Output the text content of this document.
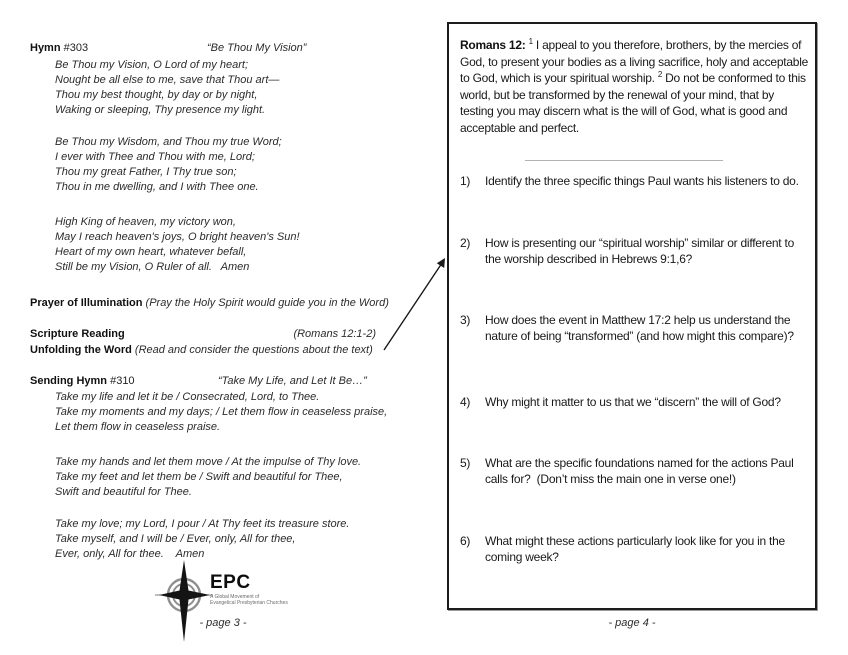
Hymn #303	“Be Thou My Vision”
Be Thou my Vision, O Lord of my heart;
Nought be all else to me, save that Thou art—
Thou my best thought, by day or by night,
Waking or sleeping, Thy presence my light.
Be Thou my Wisdom, and Thou my true Word;
I ever with Thee and Thou with me, Lord;
Thou my great Father, I Thy true son;
Thou in me dwelling, and I with Thee one.
High King of heaven, my victory won,
May I reach heaven's joys, O bright heaven's Sun!
Heart of my own heart, whatever befall,
Still be my Vision, O Ruler of all.   Amen
Prayer of Illumination (Pray the Holy Spirit would guide you in the Word)
Scripture Reading	(Romans 12:1-2)
Unfolding the Word (Read and consider the questions about the text)
Sending Hymn #310	“Take My Life, and Let It Be…”
Take my life and let it be / Consecrated, Lord, to Thee.
Take my moments and my days; / Let them flow in ceaseless praise,
Let them flow in ceaseless praise.
Take my hands and let them move / At the impulse of Thy love.
Take my feet and let them be / Swift and beautiful for Thee,
Swift and beautiful for Thee.
Take my love; my Lord, I pour / At Thy feet its treasure store.
Take myself, and I will be / Ever, only, All for thee,
Ever, only, All for thee.    Amen
EPC
A Global Movement of
Evangelical Presbyterian Churches

Romans 12: $^1$ I appeal to you therefore, brothers, by the mercies of God, to present your bodies as a living sacrifice, holy and acceptable to God, which is your spiritual worship. $^2$ Do not be conformed to this world, but be transformed by the renewal of your mind, that by testing you may discern what is the will of God, what is good and acceptable and perfect.

1) Identify the three specific things Paul wants his listeners to do.
2) How is presenting our “spiritual worship” similar or different to the worship described in Hebrews 9:1,6?
3) How does the event in Matthew 17:2 help us understand the nature of being “transformed” (and how might this compare)?
4) Why might it matter to us that we “discern” the will of God?
5) What are the specific foundations named for the actions Paul calls for?  (Don’t miss the main one in verse one!)
6) What might these actions particularly look like for you in the coming week?
- page 3 -	- page 4 -
